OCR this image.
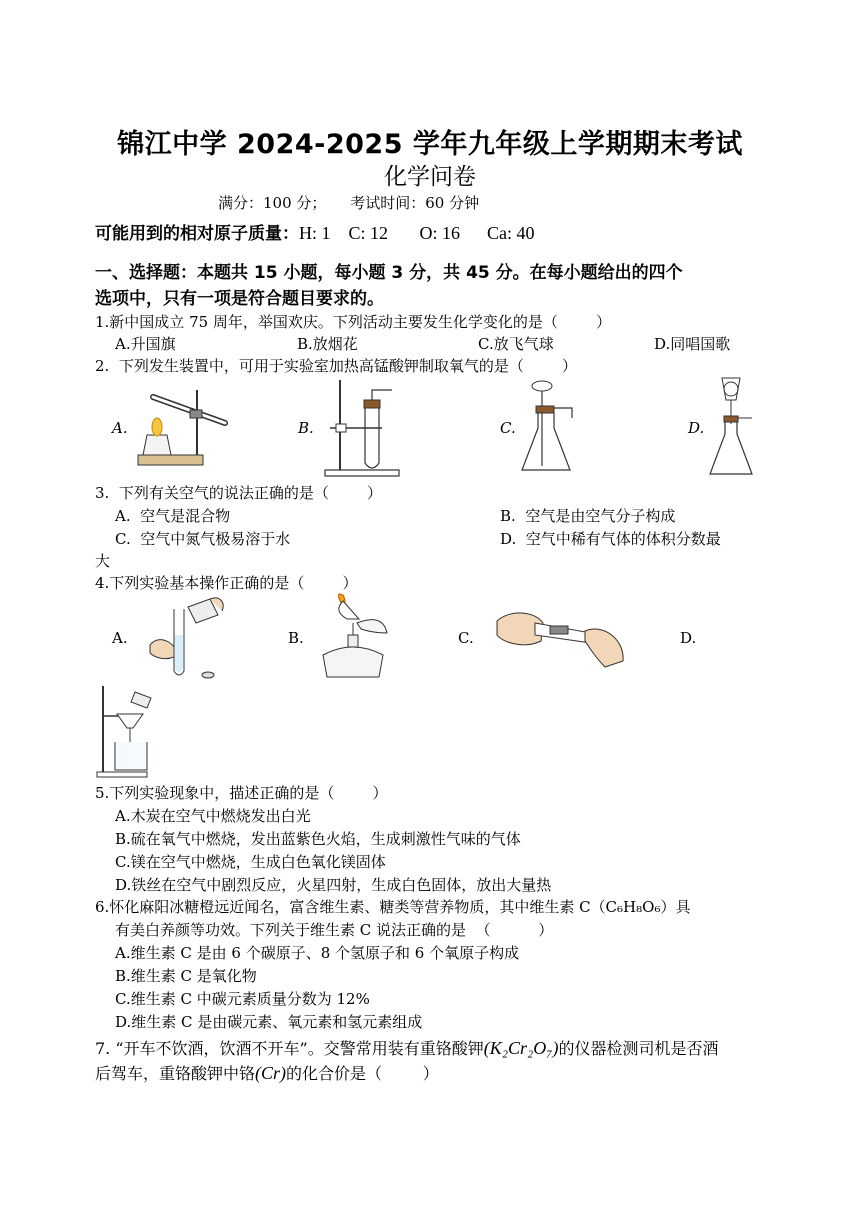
锦江中学 2024-2025 学年九年级上学期期末考试
化学问卷
满分：100 分； 考试时间：60 分钟
可能用到的相对原子质量：H: 1    C: 12       O: 16      Ca: 40
一、选择题：本题共 15 小题，每小题 3 分，共 45 分。在每小题给出的四个
选项中，只有一项是符合题目要求的。
1.新中国成立 75 周年，举国欢庆。下列活动主要发生化学变化的是（        ）
A.升国旗	B.放烟花	C.放飞气球	D.同唱国歌
2.  下列发生装置中，可用于实验室加热高锰酸钾制取氧气的是（        ）
A.	B.	C.	D.
3.  下列有关空气的说法正确的是（        ）
A.  空气是混合物	B.  空气是由空气分子构成
C.  空气中氮气极易溶于水	D.  空气中稀有气体的体积分数最
大
4.下列实验基本操作正确的是（        ）
A.	B.	C.	D.
5.下列实验现象中，描述正确的是（        ）
A.木炭在空气中燃烧发出白光
B.硫在氧气中燃烧，发出蓝紫色火焰，生成刺激性气味的气体
C.镁在空气中燃烧，生成白色氧化镁固体
D.铁丝在空气中剧烈反应，火星四射，生成白色固体，放出大量热
6.怀化麻阳冰糖橙远近闻名，富含维生素、糖类等营养物质，其中维生素 C（C₆H₈O₆）具
有美白养颜等功效。下列关于维生素 C 说法正确的是  （          ）
A.维生素 C 是由 6 个碳原子、8 个氢原子和 6 个氧原子构成
B.维生素 C 是氧化物
C.维生素 C 中碳元素质量分数为 12%
D.维生素 C 是由碳元素、氧元素和氢元素组成
7. “开车不饮酒，饮酒不开车”。交警常用装有重铬酸钾(K₂Cr₂O₇)的仪器检测司机是否酒
后驾车，重铬酸钾中铬(Cr)的化合价是（        ）
